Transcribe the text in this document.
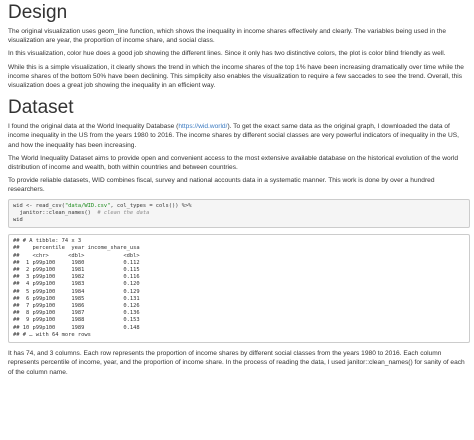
Design

The original visualization uses geom_line function, which shows the inequality in income shares effectively and clearly. The variables being used in the visualization are year, the proportion of income share, and social class.

In this visualization, color hue does a good job showing the different lines. Since it only has two distinctive colors, the plot is color blind friendly as well.

While this is a simple visualization, it clearly shows the trend in which the income shares of the top 1% have been increasing dramatically over time while the income shares of the bottom 50% have been declining. This simplicity also enables the visualization to require a few saccades to see the trend. Overall, this visualization does a great job showing the inequality in an efficient way.

Dataset

I found the original data at the World Inequality Database (https://wid.world/). To get the exact same data as the original graph, I downloaded the data of income inequality in the US from the years 1980 to 2016. The income shares by different social classes are very powerful indicators of inequality in the US, and how the inequality has been increasing.

The World Inequality Dataset aims to provide open and convenient access to the most extensive available database on the historical evolution of the world distribution of income and wealth, both within countries and between countries.

To provide reliable datasets, WID combines fiscal, survey and national accounts data in a systematic manner. This work is done by over a hundred researchers.

wid <- read_csv("data/WID.csv", col_types = cols()) %>%
janitor::clean_names()  # clean the data
wid
## # A tibble: 74 x 3
##    percentile  year income_share_usa
##    <chr>      <dbl>            <dbl>
##  1 p99p100     1980            0.112
##  2 p99p100     1981            0.115
##  3 p99p100     1982            0.116
##  4 p99p100     1983            0.120
##  5 p99p100     1984            0.129
##  6 p99p100     1985            0.131
##  7 p99p100     1986            0.126
##  8 p99p100     1987            0.136
##  9 p99p100     1988            0.153
## 10 p99p100     1989            0.148
## # … with 64 more rows

It has 74, and 3 columns. Each row represents the proportion of income shares by different social classes from the years 1980 to 2016. Each column represents percentile of income, year, and the proportion of income share. In the process of reading the data, I used janitor::clean_names() for sanity of each of the column name.
